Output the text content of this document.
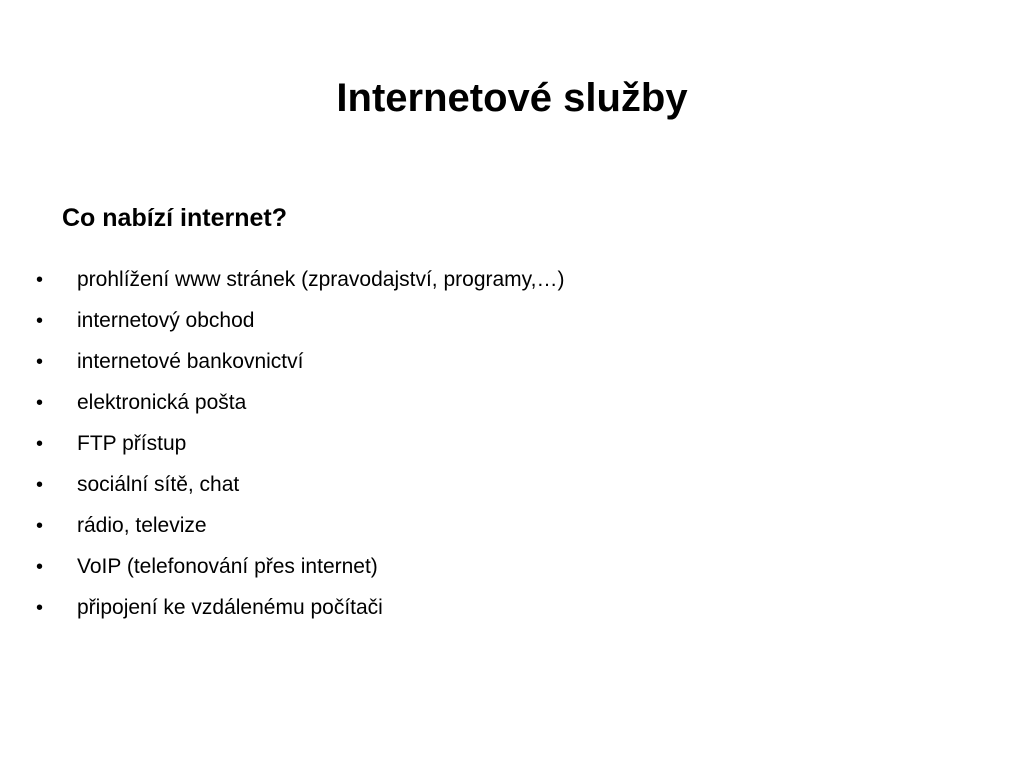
Internetové služby
Co nabízí internet?
•	prohlížení www stránek (zpravodajství, programy,…)
•	internetový obchod
•	internetové bankovnictví
•	elektronická pošta
•	FTP přístup
•	sociální sítě, chat
•	rádio, televize
•	VoIP (telefonování přes internet)
•	připojení ke vzdálenému počítači
